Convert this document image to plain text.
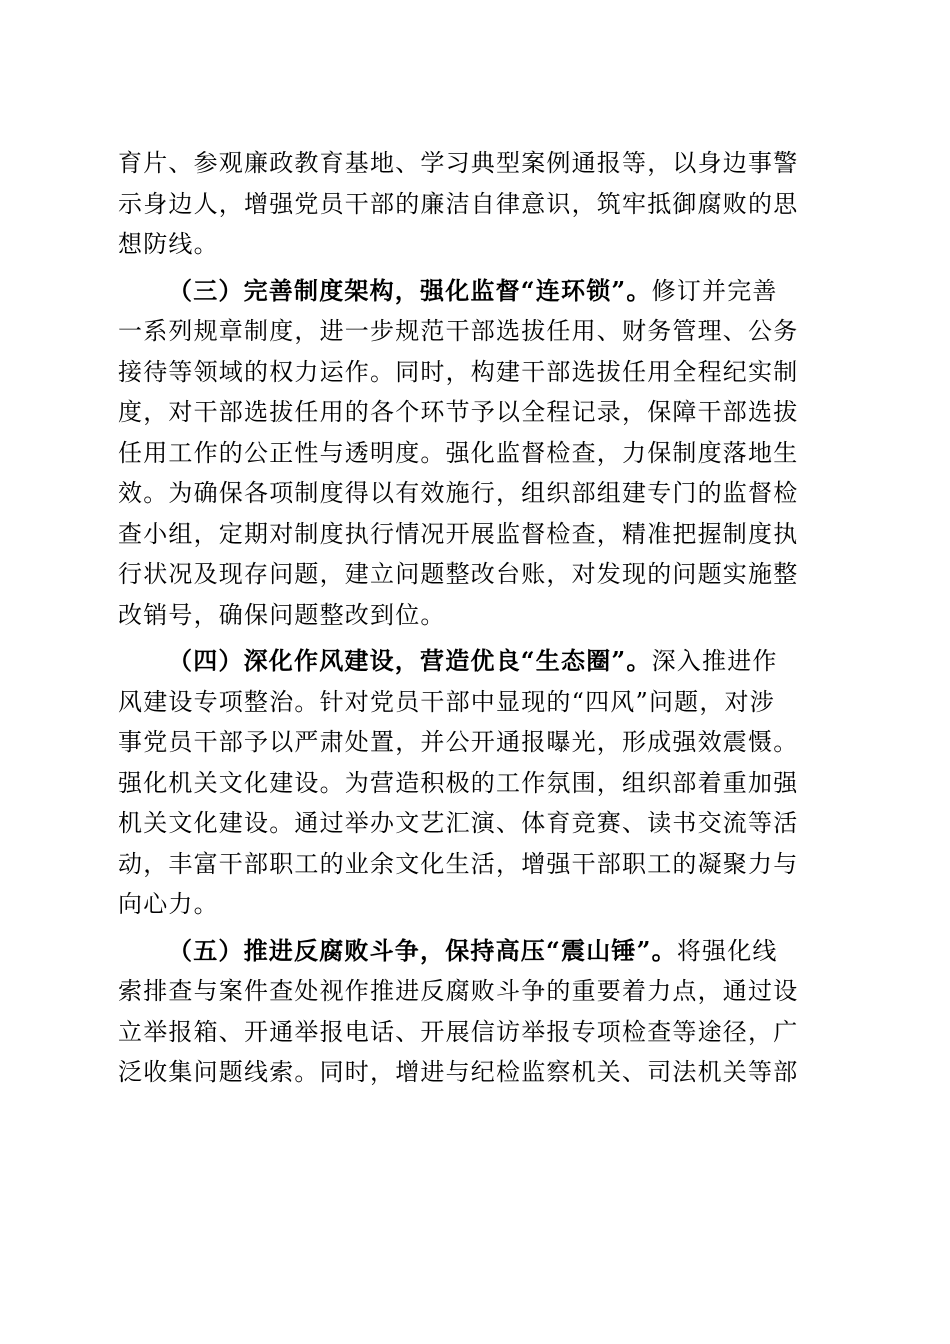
育片、参观廉政教育基地、学习典型案例通报等，以身边事警
示身边人，增强党员干部的廉洁自律意识，筑牢抵御腐败的思
想防线。
（三）完善制度架构，强化监督“连环锁”。修订并完善
一系列规章制度，进一步规范干部选拔任用、财务管理、公务
接待等领域的权力运作。同时，构建干部选拔任用全程纪实制
度，对干部选拔任用的各个环节予以全程记录，保障干部选拔
任用工作的公正性与透明度。强化监督检查，力保制度落地生
效。为确保各项制度得以有效施行，组织部组建专门的监督检
查小组，定期对制度执行情况开展监督检查，精准把握制度执
行状况及现存问题，建立问题整改台账，对发现的问题实施整
改销号，确保问题整改到位。
（四）深化作风建设，营造优良“生态圈”。深入推进作
风建设专项整治。针对党员干部中显现的“四风”问题，对涉
事党员干部予以严肃处置，并公开通报曝光，形成强效震慑。
强化机关文化建设。为营造积极的工作氛围，组织部着重加强
机关文化建设。通过举办文艺汇演、体育竞赛、读书交流等活
动，丰富干部职工的业余文化生活，增强干部职工的凝聚力与
向心力。
（五）推进反腐败斗争，保持高压“震山锤”。将强化线
索排查与案件查处视作推进反腐败斗争的重要着力点，通过设
立举报箱、开通举报电话、开展信访举报专项检查等途径，广
泛收集问题线索。同时，增进与纪检监察机关、司法机关等部
